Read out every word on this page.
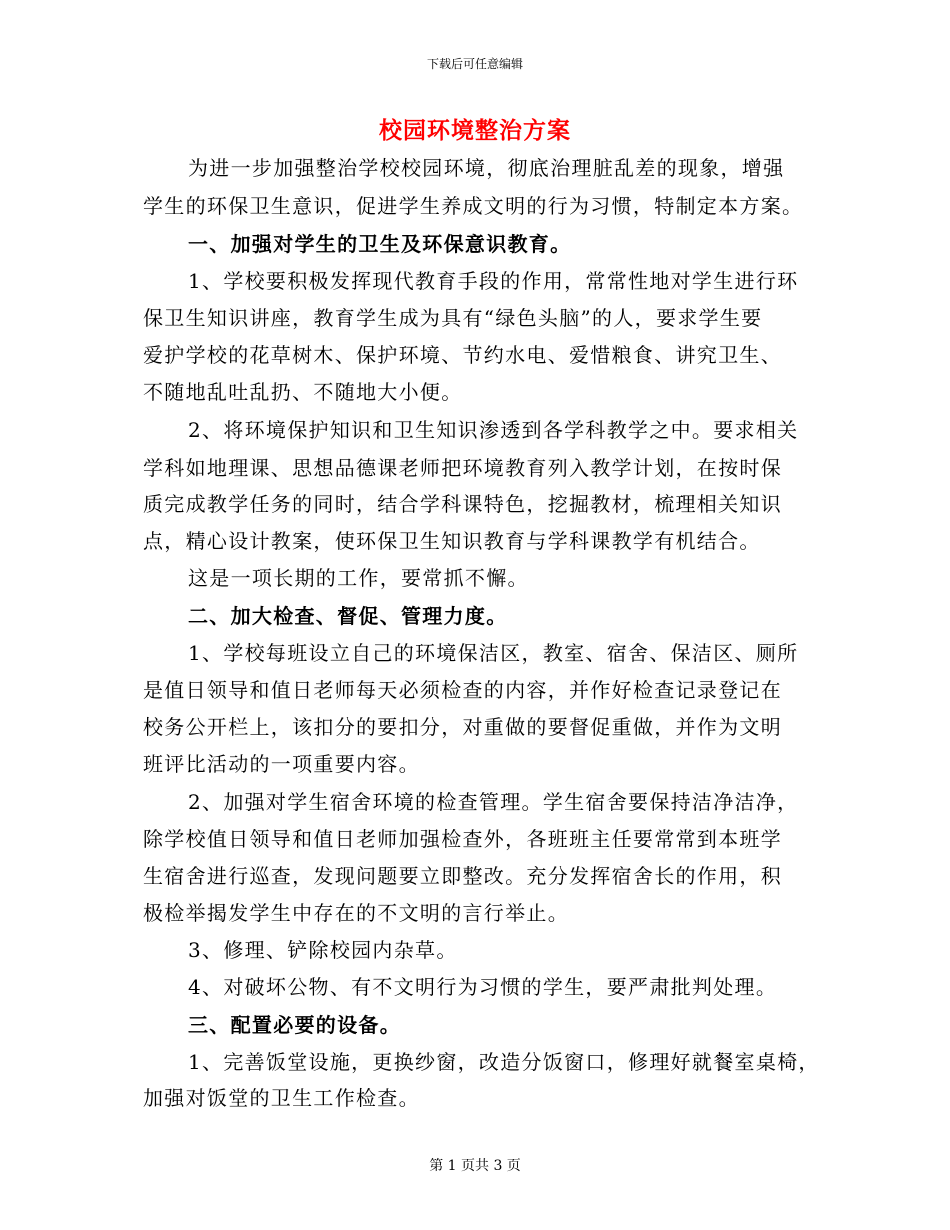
下载后可任意编辑
校园环境整治方案
为进一步加强整治学校校园环境，彻底治理脏乱差的现象，增强
学生的环保卫生意识，促进学生养成文明的行为习惯，特制定本方案。
一、加强对学生的卫生及环保意识教育。
1、学校要积极发挥现代教育手段的作用，常常性地对学生进行环
保卫生知识讲座，教育学生成为具有“绿色头脑”的人，要求学生要
爱护学校的花草树木、保护环境、节约水电、爱惜粮食、讲究卫生、
不随地乱吐乱扔、不随地大小便。
2、将环境保护知识和卫生知识渗透到各学科教学之中。要求相关
学科如地理课、思想品德课老师把环境教育列入教学计划，在按时保
质完成教学任务的同时，结合学科课特色，挖掘教材，梳理相关知识
点，精心设计教案，使环保卫生知识教育与学科课教学有机结合。
这是一项长期的工作，要常抓不懈。
二、加大检查、督促、管理力度。
1、学校每班设立自己的环境保洁区，教室、宿舍、保洁区、厕所
是值日领导和值日老师每天必须检查的内容，并作好检查记录登记在
校务公开栏上，该扣分的要扣分，对重做的要督促重做，并作为文明
班评比活动的一项重要内容。
2、加强对学生宿舍环境的检查管理。学生宿舍要保持洁净洁净，
除学校值日领导和值日老师加强检查外，各班班主任要常常到本班学
生宿舍进行巡查，发现问题要立即整改。充分发挥宿舍长的作用，积
极检举揭发学生中存在的不文明的言行举止。
3、修理、铲除校园内杂草。
4、对破坏公物、有不文明行为习惯的学生，要严肃批判处理。
三、配置必要的设备。
1、完善饭堂设施，更换纱窗，改造分饭窗口，修理好就餐室桌椅，
加强对饭堂的卫生工作检查。
第 1 页共 3 页
